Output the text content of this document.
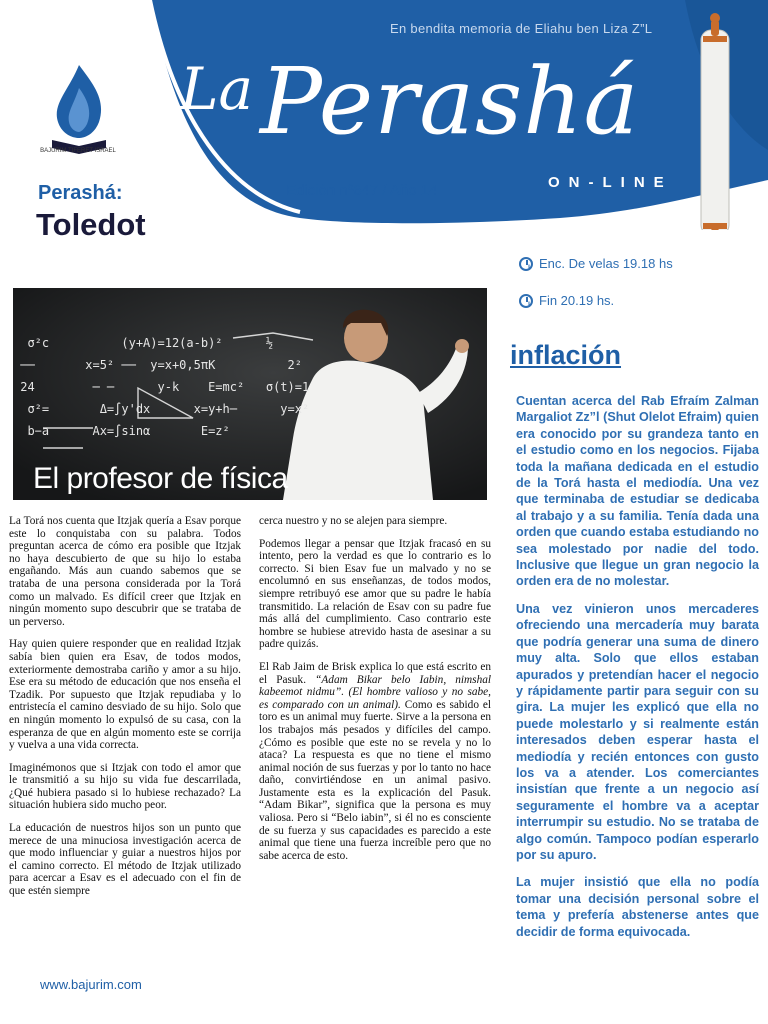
BAJURIM TIFERET ISRAEL
En bendita memoria de Eliahu ben Liza Z”L
La Perashá
ON-LINE
Edición nº647 / Año 14
Perashá:
Toledot
Enc. De velas 19.18 hs
Fin 20.19 hs.
σ²c          (y+A)=12(a-b)²      ½
──       x=5² ──  y=x+0,5πK          2²
24        ─ ─      y-k    E=mc²   σ(t)=1
σ²=       Δ=∫y'dx      x=y+h─      y=x²
b−a      Ax=∫sinα       E=z²
El profesor de física

La Torá nos cuenta que Itzjak quería a Esav porque este lo conquistaba con su palabra. Todos preguntan acerca de cómo era posible que Itzjak no haya descubierto de que su hijo lo estaba engañando. Más aun cuando sabemos que se trataba de una persona considerada por la Torá como un malvado. Es difícil creer que Itzjak en ningún momento supo descubrir que se trataba de un perverso.

Hay quien quiere responder que en realidad Itzjak sabía bien quien era Esav, de todos modos, exteriormente demostraba cariño y amor a su hijo. Ese era su método de educación que nos enseña el Tzadik. Por supuesto que Itzjak repudiaba y lo entristecía el camino desviado de su hijo. Solo que en ningún momento lo expulsó de su casa, con la esperanza de que en algún momento este se corrija y vuelva a una vida correcta.

Imaginémonos que si Itzjak con todo el amor que le transmitió a su hijo su vida fue descarrilada, ¿Qué hubiera pasado si lo hubiese rechazado? La situación hubiera sido mucho peor.

La educación de nuestros hijos son un punto que merece de una minuciosa investigación acerca de que modo influenciar y guiar a nuestros hijos por el camino correcto. El método de Itzjak utilizado para acercar a Esav es el adecuado con el fin de que estén siempre

cerca nuestro y no se alejen para siempre.

Podemos llegar a pensar que Itzjak fracasó en su intento, pero la verdad es que lo contrario es lo correcto. Si bien Esav fue un malvado y no se encolumnó en sus enseñanzas, de todos modos, siempre retribuyó ese amor que su padre le había transmitido. La relación de Esav con su padre fue más allá del cumplimiento. Caso contrario este hombre se hubiese atrevido hasta de asesinar a su padre quizás.

El Rab Jaim de Brisk explica lo que está escrito en el Pasuk. “Adam Bikar belo Iabin, nimshal kabeemot nidmu”. (El hombre valioso y no sabe, es comparado con un animal). Como es sabido el toro es un animal muy fuerte. Sirve a la persona en los trabajos más pesados y difíciles del campo. ¿Cómo es posible que este no se revela y no lo ataca? La respuesta es que no tiene el mismo animal noción de sus fuerzas y por lo tanto no hace daño, convirtiéndose en un animal pasivo. Justamente esta es la explicación del Pasuk. “Adam Bikar”, significa que la persona es muy valiosa. Pero si “Belo iabin”, si él no es consciente de su fuerza y sus capacidades es parecido a este animal que tiene una fuerza increíble pero que no sabe acerca de esto.

inflación

Cuentan acerca del Rab Efraím Zalman Margaliot Zz”l (Shut Olelot Efraim) quien era conocido por su grandeza tanto en el estudio como en los negocios. Fijaba toda la mañana dedicada en el estudio de la Torá hasta el mediodía. Una vez que terminaba de estudiar se dedicaba al trabajo y a su familia. Tenía dada una orden que cuando estaba estudiando no sea molestado por nadie del todo. Inclusive que llegue un gran negocio la orden era de no molestar.

Una vez vinieron unos mercaderes ofreciendo una mercadería muy barata que podría generar una suma de dinero muy alta. Solo que ellos estaban apurados y pretendían hacer el negocio y rápidamente partir para seguir con su gira. La mujer les explicó que ella no puede molestarlo y si realmente están interesados deben esperar hasta el mediodía y recién entonces con gusto los va a atender. Los comerciantes insistían que frente a un negocio así seguramente el hombre va a aceptar interrumpir su estudio. No se trataba de algo común. Tampoco podían esperarlo por su apuro.

La mujer insistió que ella no podía tomar una decisión personal sobre el tema y prefería abstenerse antes que decidir de forma equivocada.

www.bajurim.com
